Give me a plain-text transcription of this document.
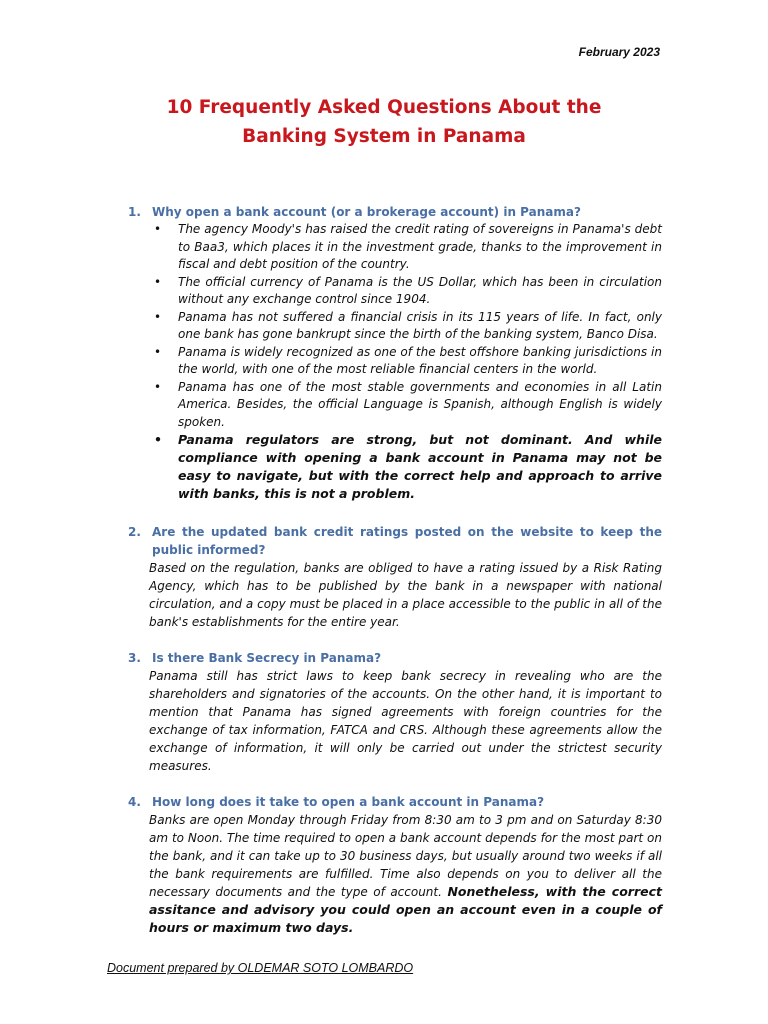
February 2023
10 Frequently Asked Questions About the
Banking System in Panama
1. Why open a bank account (or a brokerage account) in Panama?
• The agency Moody's has raised the credit rating of sovereigns in Panama's debt to Baa3, which places it in the investment grade, thanks to the improvement in fiscal and debt position of the country.
• The official currency of Panama is the US Dollar, which has been in circulation without any exchange control since 1904.
• Panama has not suffered a financial crisis in its 115 years of life. In fact, only one bank has gone bankrupt since the birth of the banking system, Banco Disa.
• Panama is widely recognized as one of the best offshore banking jurisdictions in the world, with one of the most reliable financial centers in the world.
• Panama has one of the most stable governments and economies in all Latin America. Besides, the official Language is Spanish, although English is widely spoken.
• Panama regulators are strong, but not dominant. And while compliance with opening a bank account in Panama may not be easy to navigate, but with the correct help and approach to arrive with banks, this is not a problem.
2. Are the updated bank credit ratings posted on the website to keep the public informed?
Based on the regulation, banks are obliged to have a rating issued by a Risk Rating Agency, which has to be published by the bank in a newspaper with national circulation, and a copy must be placed in a place accessible to the public in all of the bank's establishments for the entire year.
3. Is there Bank Secrecy in Panama?
Panama still has strict laws to keep bank secrecy in revealing who are the shareholders and signatories of the accounts. On the other hand, it is important to mention that Panama has signed agreements with foreign countries for the exchange of tax information, FATCA and CRS. Although these agreements allow the exchange of information, it will only be carried out under the strictest security measures.
4. How long does it take to open a bank account in Panama?
Banks are open Monday through Friday from 8:30 am to 3 pm and on Saturday 8:30 am to Noon. The time required to open a bank account depends for the most part on the bank, and it can take up to 30 business days, but usually around two weeks if all the bank requirements are fulfilled. Time also depends on you to deliver all the necessary documents and the type of account. Nonetheless, with the correct assitance and advisory you could open an account even in a couple of hours or maximum two days.
Document prepared by OLDEMAR SOTO LOMBARDO
